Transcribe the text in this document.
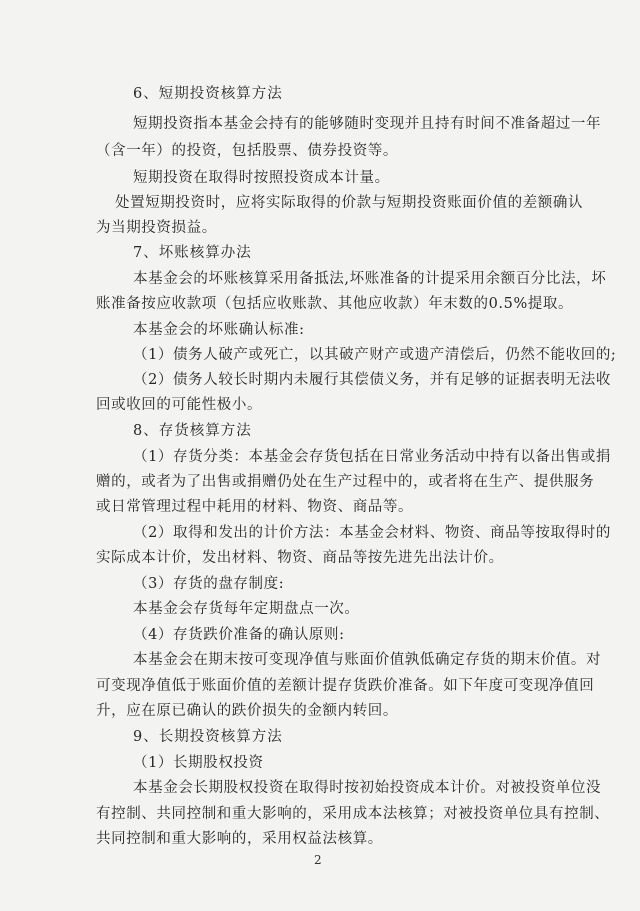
6、短期投资核算方法
短期投资指本基金会持有的能够随时变现并且持有时间不准备超过一年
（含一年）的投资，包括股票、债券投资等。
短期投资在取得时按照投资成本计量。
处置短期投资时，应将实际取得的价款与短期投资账面价值的差额确认
为当期投资损益。
7、坏账核算办法
本基金会的坏账核算采用备抵法,坏账准备的计提采用余额百分比法，坏
账准备按应收款项（包括应收账款、其他应收款）年末数的0.5%提取。
本基金会的坏账确认标准:
（1）债务人破产或死亡，以其破产财产或遗产清偿后，仍然不能收回的;
（2）债务人较长时期内未履行其偿债义务，并有足够的证据表明无法收
回或收回的可能性极小。
8、存货核算方法
（1）存货分类：本基金会存货包括在日常业务活动中持有以备出售或捐
赠的，或者为了出售或捐赠仍处在生产过程中的，或者将在生产、提供服务
或日常管理过程中耗用的材料、物资、商品等。
（2）取得和发出的计价方法：本基金会材料、物资、商品等按取得时的
实际成本计价，发出材料、物资、商品等按先进先出法计价。
（3）存货的盘存制度:
本基金会存货每年定期盘点一次。
（4）存货跌价准备的确认原则:
本基金会在期末按可变现净值与账面价值孰低确定存货的期末价值。对
可变现净值低于账面价值的差额计提存货跌价准备。如下年度可变现净值回
升，应在原已确认的跌价损失的金额内转回。
9、长期投资核算方法
（1）长期股权投资
本基金会长期股权投资在取得时按初始投资成本计价。对被投资单位没
有控制、共同控制和重大影响的，采用成本法核算；对被投资单位具有控制、
共同控制和重大影响的，采用权益法核算。
2
